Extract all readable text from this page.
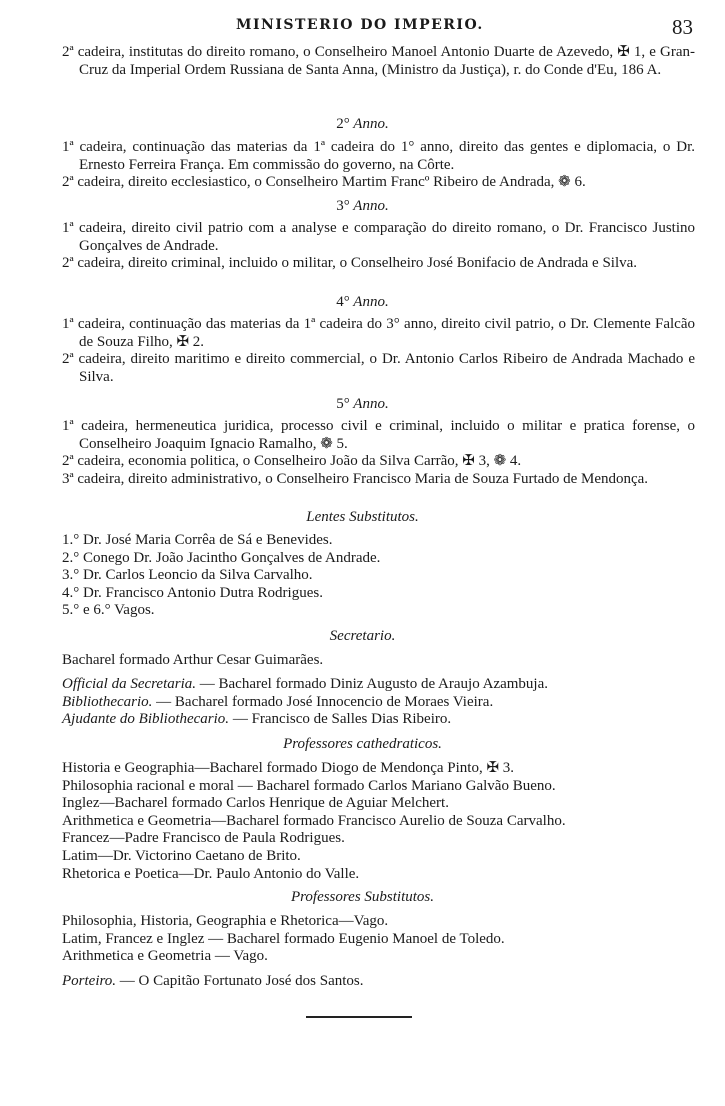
MINISTERIO DO IMPERIO.	83

2ª cadeira, institutas do direito romano, o Conselheiro Manoel Antonio Duarte de Azevedo, ✠ 1, e Gran-Cruz da Imperial Ordem Russiana de Santa Anna, (Ministro da Justiça), r. do Conde d'Eu, 186 A.

2° Anno.

1ª cadeira, continuação das materias da 1ª cadeira do 1° anno, direito das gentes e diplomacia, o Dr. Ernesto Ferreira França. Em commissão do governo, na Côrte.

2ª cadeira, direito ecclesiastico, o Conselheiro Martim Francº Ribeiro de Andrada, ❁ 6.

3° Anno.

1ª cadeira, direito civil patrio com a analyse e comparação do direito romano, o Dr. Francisco Justino Gonçalves de Andrade.

2ª cadeira, direito criminal, incluido o militar, o Conselheiro José Bonifacio de Andrada e Silva.

4° Anno.

1ª cadeira, continuação das materias da 1ª cadeira do 3° anno, direito civil patrio, o Dr. Clemente Falcão de Souza Filho, ✠ 2.

2ª cadeira, direito maritimo e direito commercial, o Dr. Antonio Carlos Ribeiro de Andrada Machado e Silva.

5° Anno.

1ª cadeira, hermeneutica juridica, processo civil e criminal, incluido o militar e pratica forense, o Conselheiro Joaquim Ignacio Ramalho, ❁ 5.

2ª cadeira, economia politica, o Conselheiro João da Silva Carrão, ✠ 3, ❁ 4.

3ª cadeira, direito administrativo, o Conselheiro Francisco Maria de Souza Furtado de Mendonça.

Lentes Substitutos.

1.° Dr. José Maria Corrêa de Sá e Benevides.

2.° Conego Dr. João Jacintho Gonçalves de Andrade.

3.° Dr. Carlos Leoncio da Silva Carvalho.

4.° Dr. Francisco Antonio Dutra Rodrigues.

5.° e 6.° Vagos.

Secretario.

Bacharel formado Arthur Cesar Guimarães.

Official da Secretaria. — Bacharel formado Diniz Augusto de Araujo Azambuja.

Bibliothecario. — Bacharel formado José Innocencio de Moraes Vieira.

Ajudante do Bibliothecario. — Francisco de Salles Dias Ribeiro.

Professores cathedraticos.

Historia e Geographia—Bacharel formado Diogo de Mendonça Pinto, ✠ 3.

Philosophia racional e moral — Bacharel formado Carlos Mariano Galvão Bueno.

Inglez—Bacharel formado Carlos Henrique de Aguiar Melchert.

Arithmetica e Geometria—Bacharel formado Francisco Aurelio de Souza Carvalho.

Francez—Padre Francisco de Paula Rodrigues.

Latim—Dr. Victorino Caetano de Brito.

Rhetorica e Poetica—Dr. Paulo Antonio do Valle.

Professores Substitutos.

Philosophia, Historia, Geographia e Rhetorica—Vago.

Latim, Francez e Inglez — Bacharel formado Eugenio Manoel de Toledo.

Arithmetica e Geometria — Vago.

Porteiro. — O Capitão Fortunato José dos Santos.
